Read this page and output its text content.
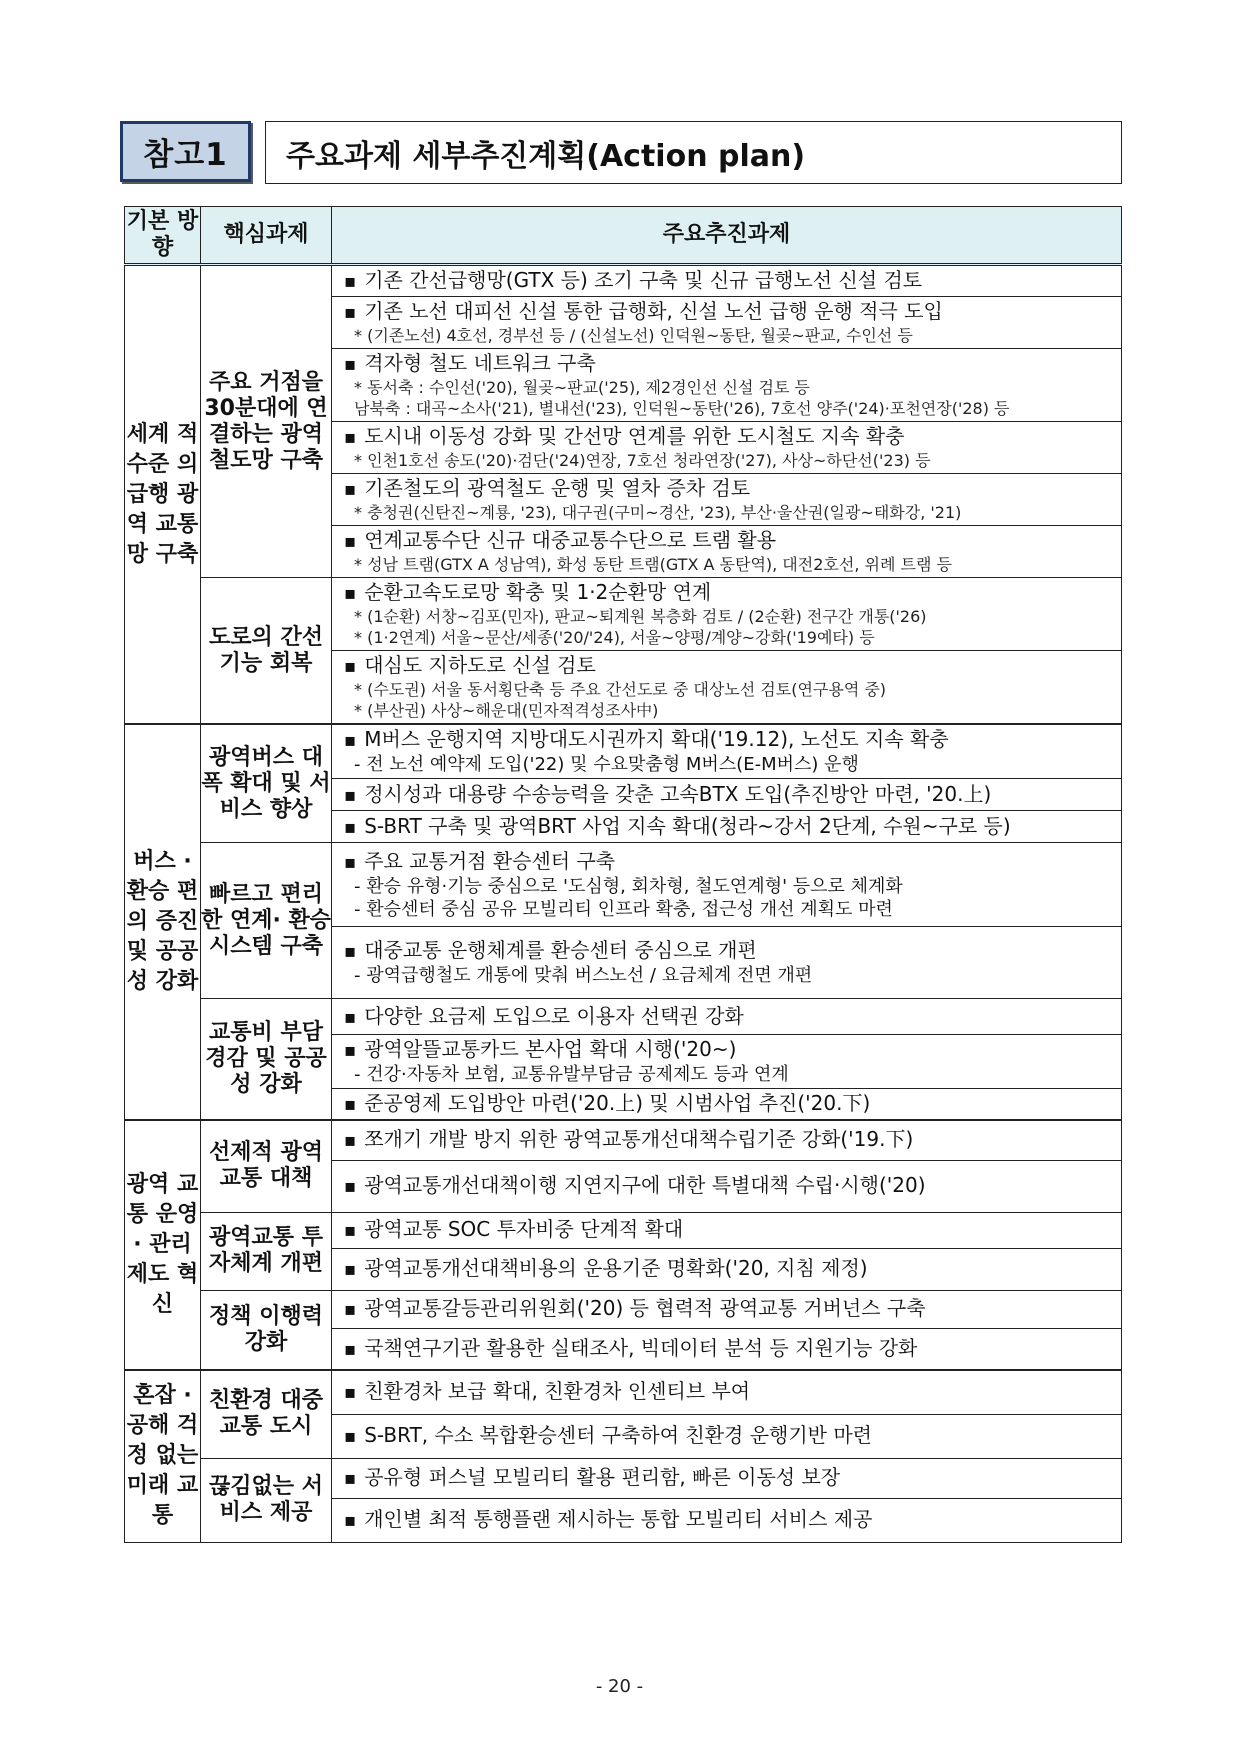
참고1	주요과제 세부추진계획(Action plan)
기본 방향	핵심과제	주요추진과제
세계 적 수준 의 급행 광역 교통 망 구축	주요 거점을 30분대에 연결하는 광역 철도망 구축	▪ 기존 간선급행망(GTX 등) 조기 구축 및 신규 급행노선 신설 검토

		▪ 기존 노선 대피선 신설 통한 급행화, 신설 노선 급행 운행 적극 도입
* (기존노선) 4호선, 경부선 등 / (신설노선) 인덕원~동탄, 월곶~판교, 수인선 등

		▪ 격자형 철도 네트워크 구축
* 동서축 : 수인선('20), 월곶~판교('25), 제2경인선 신설 검토 등
남북축 : 대곡~소사('21), 별내선('23), 인덕원~동탄('26), 7호선 양주('24)·포천연장('28) 등

		▪ 도시내 이동성 강화 및 간선망 연계를 위한 도시철도 지속 확충
* 인천1호선 송도('20)·검단('24)연장, 7호선 청라연장('27), 사상~하단선('23) 등

		▪ 기존철도의 광역철도 운행 및 열차 증차 검토
* 충청권(신탄진~계룡, '23), 대구권(구미~경산, '23), 부산·울산권(일광~태화강, '21)

		▪ 연계교통수단 신규 대중교통수단으로 트램 활용
* 성남 트램(GTX A 성남역), 화성 동탄 트램(GTX A 동탄역), 대전2호선, 위례 트램 등

	도로의 간선기능 회복	▪ 순환고속도로망 확충 및 1·2순환망 연계
* (1순환) 서창~김포(민자), 판교~퇴계원 복층화 검토 / (2순환) 전구간 개통('26)
* (1·2연계) 서울~문산/세종('20/'24), 서울~양평/계양~강화('19예타) 등

		▪ 대심도 지하도로 신설 검토
* (수도권) 서울 동서횡단축 등 주요 간선도로 중 대상노선 검토(연구용역 중)
* (부산권) 사상~해운대(민자적격성조사中)

버스 ·환승 편의 증진 및 공공 성 강화	광역버스 대폭 확대 및 서비스 향상	▪ M버스 운행지역 지방대도시권까지 확대('19.12), 노선도 지속 확충
- 전 노선 예약제 도입('22) 및 수요맞춤형 M버스(E-M버스) 운행

		▪ 정시성과 대용량 수송능력을 갖춘 고속BTX 도입(추진방안 마련, '20.上)

		▪ S-BRT 구축 및 광역BRT 사업 지속 확대(청라~강서 2단계, 수원~구로 등)

	빠르고 편리한 연계· 환승 시스템 구축	▪ 주요 교통거점 환승센터 구축
- 환승 유형·기능 중심으로 '도심형, 회차형, 철도연계형' 등으로 체계화
- 환승센터 중심 공유 모빌리티 인프라 확충, 접근성 개선 계획도 마련

		▪ 대중교통 운행체계를 환승센터 중심으로 개편
- 광역급행철도 개통에 맞춰 버스노선 / 요금체계 전면 개편

	교통비 부담 경감 및 공공성 강화	▪ 다양한 요금제 도입으로 이용자 선택권 강화

		▪ 광역알뜰교통카드 본사업 확대 시행('20~)
- 건강·자동차 보험, 교통유발부담금 공제제도 등과 연계

		▪ 준공영제 도입방안 마련('20.上) 및 시범사업 추진('20.下)

광역 교통 운영 · 관리 제도 혁신	선제적 광역교통 대책	▪ 쪼개기 개발 방지 위한 광역교통개선대책수립기준 강화('19.下)

		▪ 광역교통개선대책이행 지연지구에 대한 특별대책 수립·시행('20)

	광역교통 투자체계 개편	▪ 광역교통 SOC 투자비중 단계적 확대

		▪ 광역교통개선대책비용의 운용기준 명확화('20, 지침 제정)

	정책 이행력 강화	▪ 광역교통갈등관리위원회('20) 등 협력적 광역교통 거버넌스 구축

		▪ 국책연구기관 활용한 실태조사, 빅데이터 분석 등 지원기능 강화

혼잡 ·공해 걱정 없는 미래 교통	친환경 대중교통 도시	▪ 친환경차 보급 확대, 친환경차 인센티브 부여

		▪ S-BRT, 수소 복합환승센터 구축하여 친환경 운행기반 마련

	끊김없는 서비스 제공	▪ 공유형 퍼스널 모빌리티 활용 편리함, 빠른 이동성 보장

		▪ 개인별 최적 통행플랜 제시하는 통합 모빌리티 서비스 제공
- 20 -
